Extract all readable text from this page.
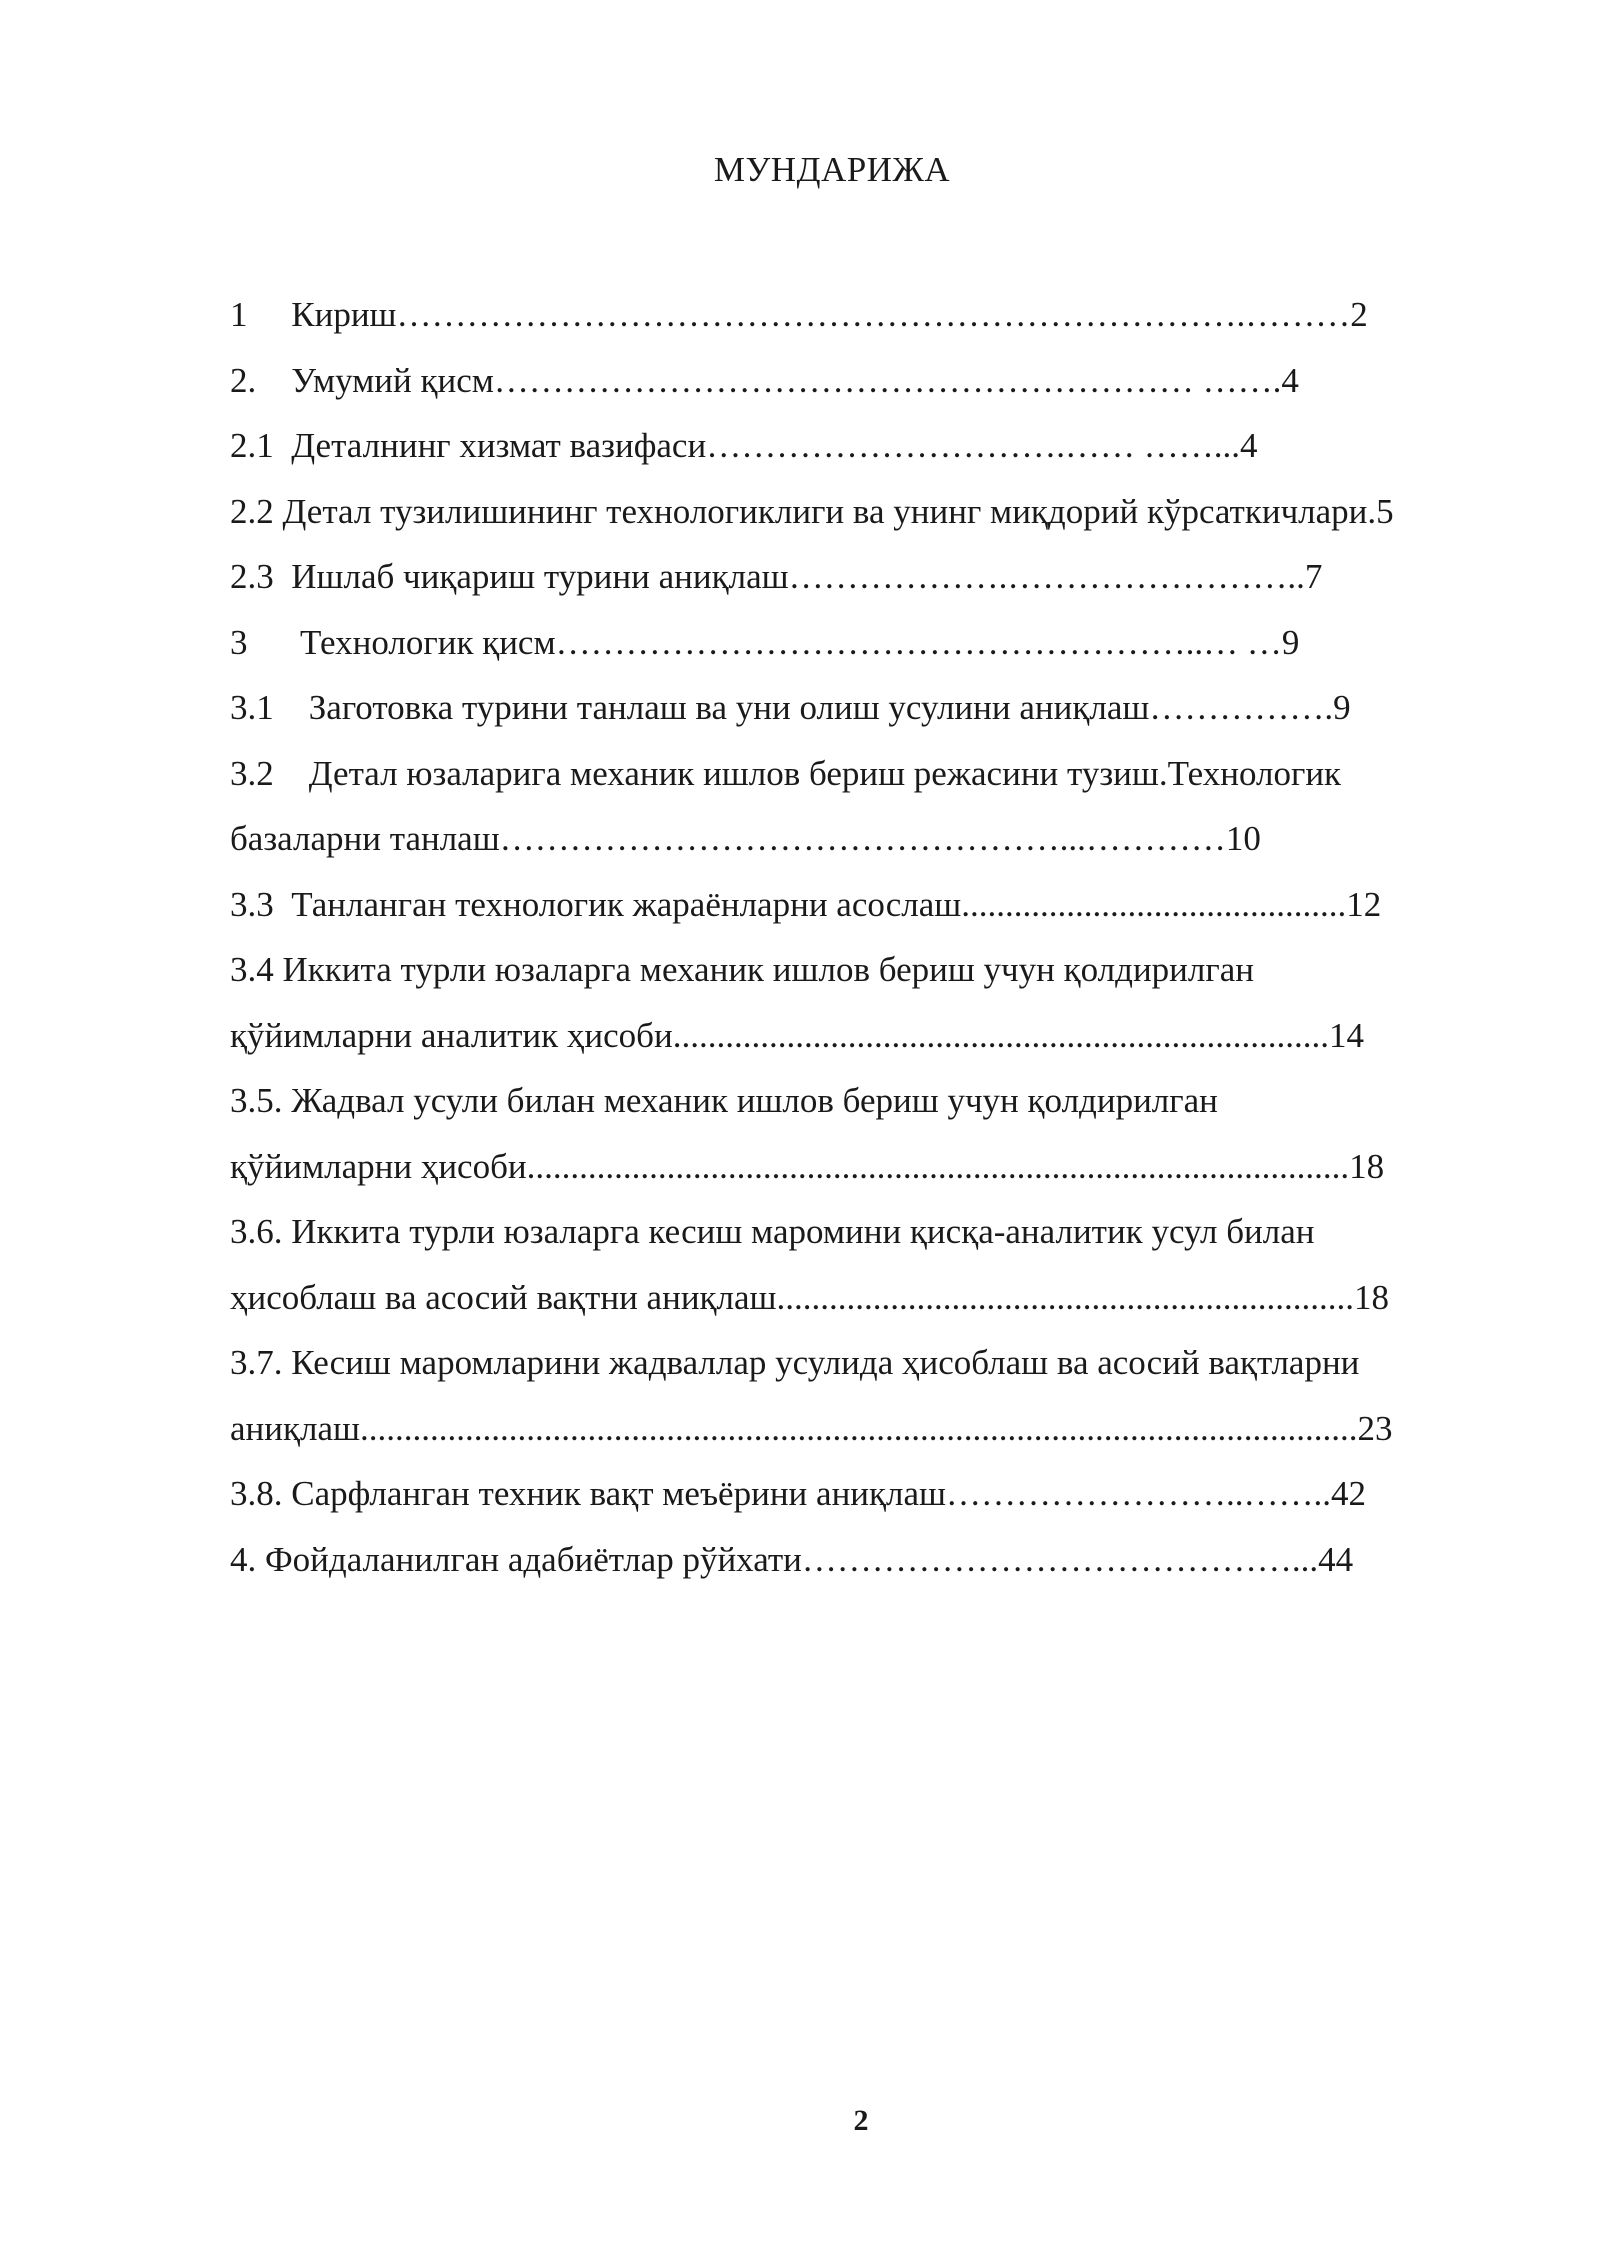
МУНДАРИЖА
1     Кириш……………………………………………………………….………2
2.    Умумий қисм…………………………………………………… …….4
2.1  Деталнинг хизмат вазифаси………………………….…… ……...4
2.2 Детал тузилишининг технологиклиги ва унинг миқдорий кўрсаткичлари.5
2.3  Ишлаб чиқариш турини аниқлаш……………….……………………..7
3      Технологик қисм………………………………………………..… …9
3.1    Заготовка турини танлаш ва уни олиш усулини аниқлаш…………….9
3.2    Детал юзаларига механик ишлов бериш режасини тузиш.Технологик
базаларни танлаш…………………………………………...…………10
3.3  Танланган технологик жараёнларни асослаш............................................12
3.4 Иккита турли юзаларга механик ишлов бериш учун қолдирилган
қўйимларни аналитик ҳисоби...........................................................................14
3.5. Жадвал усули билан механик ишлов бериш учун қолдирилган
қўйимларни ҳисоби..............................................................................................18
3.6. Иккита турли юзаларга кесиш маромини қисқа-аналитик усул билан
ҳисоблаш ва асосий вақтни аниқлаш..................................................................18
3.7. Кесиш маромларини жадваллар усулида ҳисоблаш ва асосий вақтларни
аниқлаш..................................................................................................................23
3.8. Сарфланган техник вақт меъёрини аниқлаш……………………..……..42
4. Фойдаланилган адабиётлар рўйхати……………………………………...44
2
